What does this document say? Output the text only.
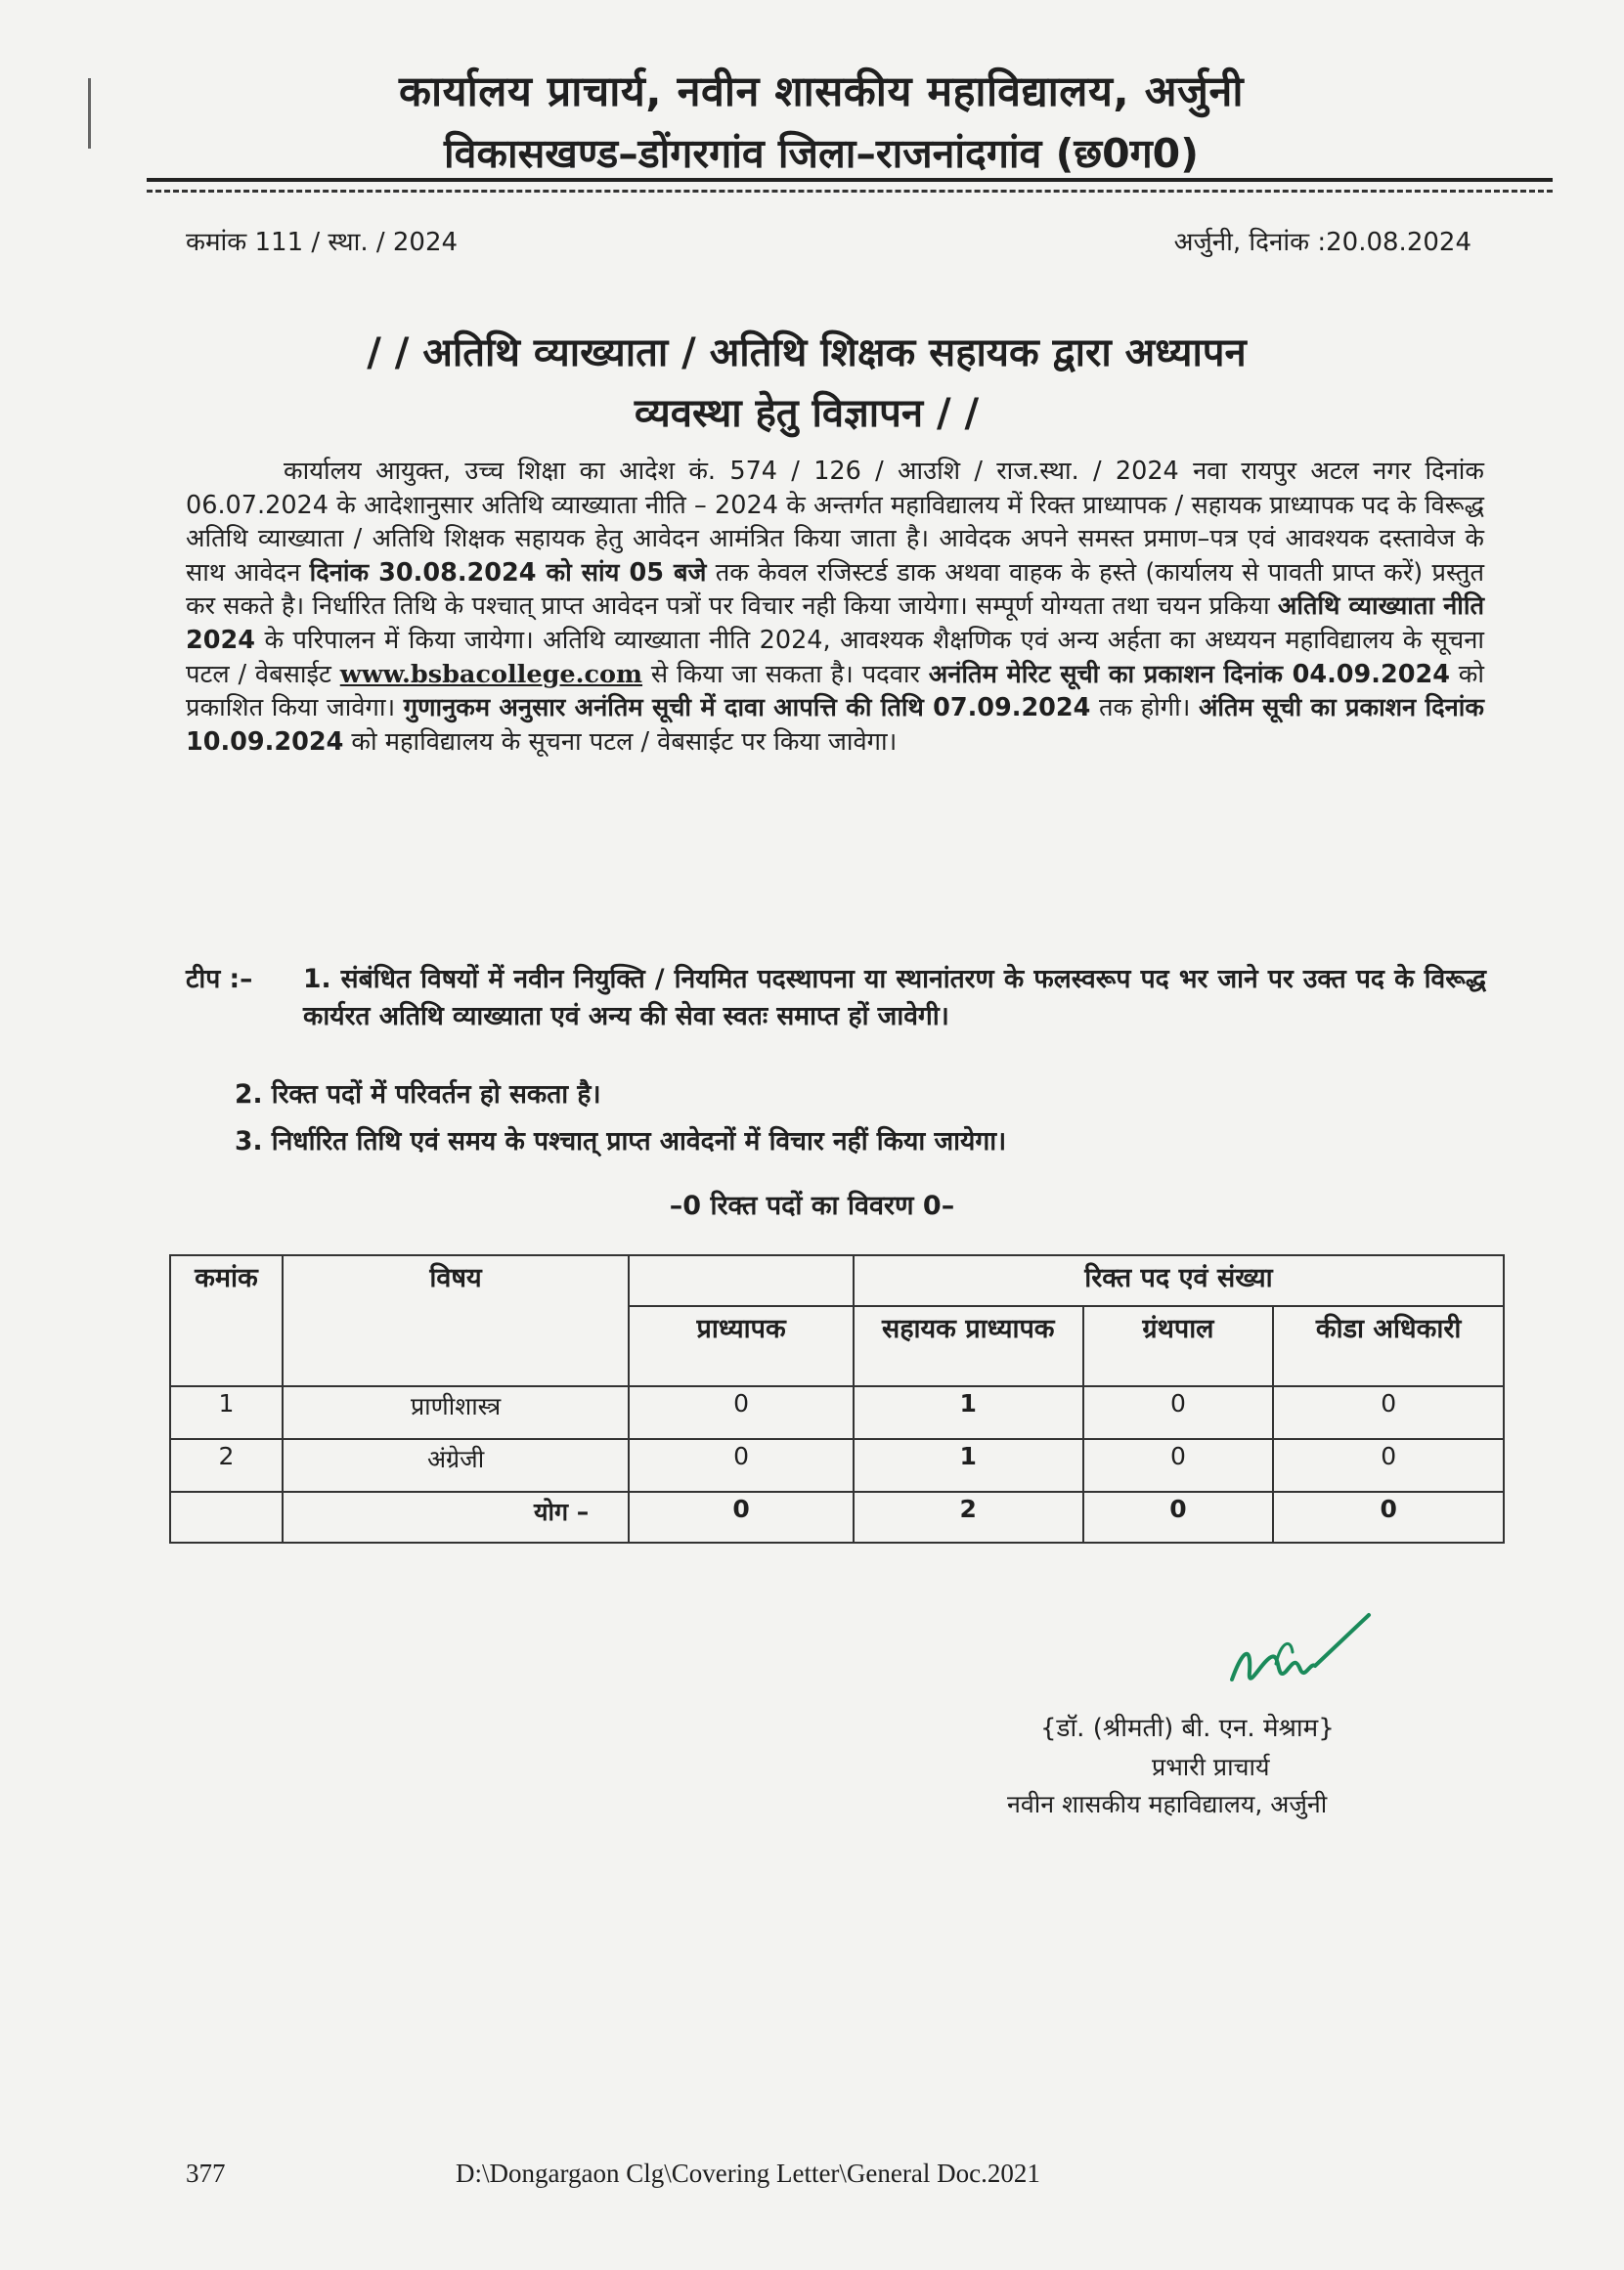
कार्यालय प्राचार्य, नवीन शासकीय महाविद्यालय, अर्जुनी
विकासखण्ड–डोंगरगांव जिला–राजनांदगांव (छ0ग0)
कमांक 111 / स्था. / 2024	अर्जुनी, दिनांक :20.08.2024
/ / अतिथि व्याख्याता / अतिथि शिक्षक सहायक द्वारा अध्यापन
व्यवस्था हेतु विज्ञापन / /
कार्यालय आयुक्त, उच्च शिक्षा का आदेश कं. 574 / 126 / आउशि / राज.स्था. / 2024 नवा रायपुर अटल नगर दिनांक 06.07.2024 के आदेशानुसार अतिथि व्याख्याता नीति – 2024 के अन्तर्गत महाविद्यालय में रिक्त प्राध्यापक / सहायक प्राध्यापक पद के विरूद्ध अतिथि व्याख्याता / अतिथि शिक्षक सहायक हेतु आवेदन आमंत्रित किया जाता है। आवेदक अपने समस्त प्रमाण–पत्र एवं आवश्यक दस्तावेज के साथ आवेदन दिनांक 30.08.2024 को सांय 05 बजे तक केवल रजिस्टर्ड डाक अथवा वाहक के हस्ते (कार्यालय से पावती प्राप्त करें) प्रस्तुत कर सकते है। निर्धारित तिथि के पश्चात् प्राप्त आवेदन पत्रों पर विचार नही किया जायेगा। सम्पूर्ण योग्यता तथा चयन प्रकिया अतिथि व्याख्याता नीति 2024 के परिपालन में किया जायेगा। अतिथि व्याख्याता नीति 2024, आवश्यक शैक्षणिक एवं अन्य अर्हता का अध्ययन महाविद्यालय के सूचना पटल / वेबसाईट www.bsbacollege.com से किया जा सकता है। पदवार अनंतिम मेरिट सूची का प्रकाशन दिनांक 04.09.2024 को प्रकाशित किया जावेगा। गुणानुकम अनुसार अनंतिम सूची में दावा आपत्ति की तिथि 07.09.2024 तक होगी। अंतिम सूची का प्रकाशन दिनांक 10.09.2024 को महाविद्यालय के सूचना पटल / वेबसाईट पर किया जावेगा।
टीप :– 1. संबंधित विषयों में नवीन नियुक्ति / नियमित पदस्थापना या स्थानांतरण के फलस्वरूप पद भर जाने पर उक्त पद के विरूद्ध कार्यरत अतिथि व्याख्याता एवं अन्य की सेवा स्वतः समाप्त हों जावेगी।
2. रिक्त पदों में परिवर्तन हो सकता है।
3. निर्धारित तिथि एवं समय के पश्चात् प्राप्त आवेदनों में विचार नहीं किया जायेगा।
–0 रिक्त पदों का विवरण 0–
कमांक	विषय		रिक्त पद एवं संख्या		
		प्राध्यापक	सहायक प्राध्यापक	ग्रंथपाल	कीडा अधिकारी
1	प्राणीशास्त्र	0	1	0	0
2	अंग्रेजी	0	1	0	0
	योग –	0	2	0	0
{डॉ. (श्रीमती) बी. एन. मेश्राम}
प्रभारी प्राचार्य
नवीन शासकीय महाविद्यालय, अर्जुनी
377	D:\Dongargaon Clg\Covering Letter\General Doc.2021
